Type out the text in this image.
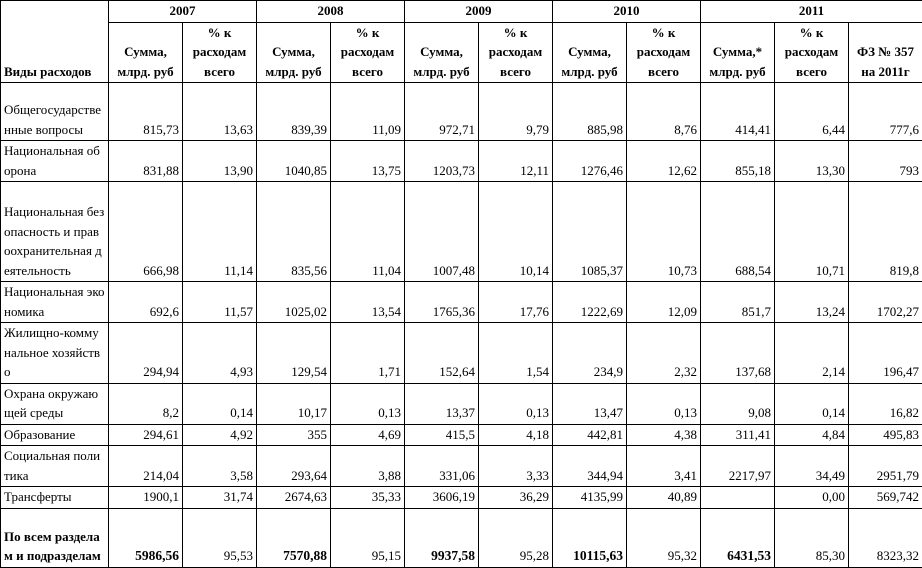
Виды расходов	2007		2008		2009		2010		2011		
	Сумма, млрд. руб	% к расходам всего	Сумма, млрд. руб	% к расходам всего	Сумма, млрд. руб	% к расходам всего	Сумма, млрд. руб	% к расходам всего	Сумма,* млрд. руб	% к расходам всего	ФЗ № 357 на 2011г
Общегосударственные вопросы	815,73	13,63	839,39	11,09	972,71	9,79	885,98	8,76	414,41	6,44	777,6
Национальная оборона	831,88	13,90	1040,85	13,75	1203,73	12,11	1276,46	12,62	855,18	13,30	793
Национальная безопасность и правоохранительная деятельность	666,98	11,14	835,56	11,04	1007,48	10,14	1085,37	10,73	688,54	10,71	819,8
Национальная экономика	692,6	11,57	1025,02	13,54	1765,36	17,76	1222,69	12,09	851,7	13,24	1702,27
Жилищно-коммунальное хозяйство	294,94	4,93	129,54	1,71	152,64	1,54	234,9	2,32	137,68	2,14	196,47
Охрана окружающей среды	8,2	0,14	10,17	0,13	13,37	0,13	13,47	0,13	9,08	0,14	16,82
Образование	294,61	4,92	355	4,69	415,5	4,18	442,81	4,38	311,41	4,84	495,83
Социальная политика	214,04	3,58	293,64	3,88	331,06	3,33	344,94	3,41	2217,97	34,49	2951,79
Трансферты	1900,1	31,74	2674,63	35,33	3606,19	36,29	4135,99	40,89		0,00	569,742
По всем разделам и подразделам	5986,56	95,53	7570,88	95,15	9937,58	95,28	10115,63	95,32	6431,53	85,30	8323,32
